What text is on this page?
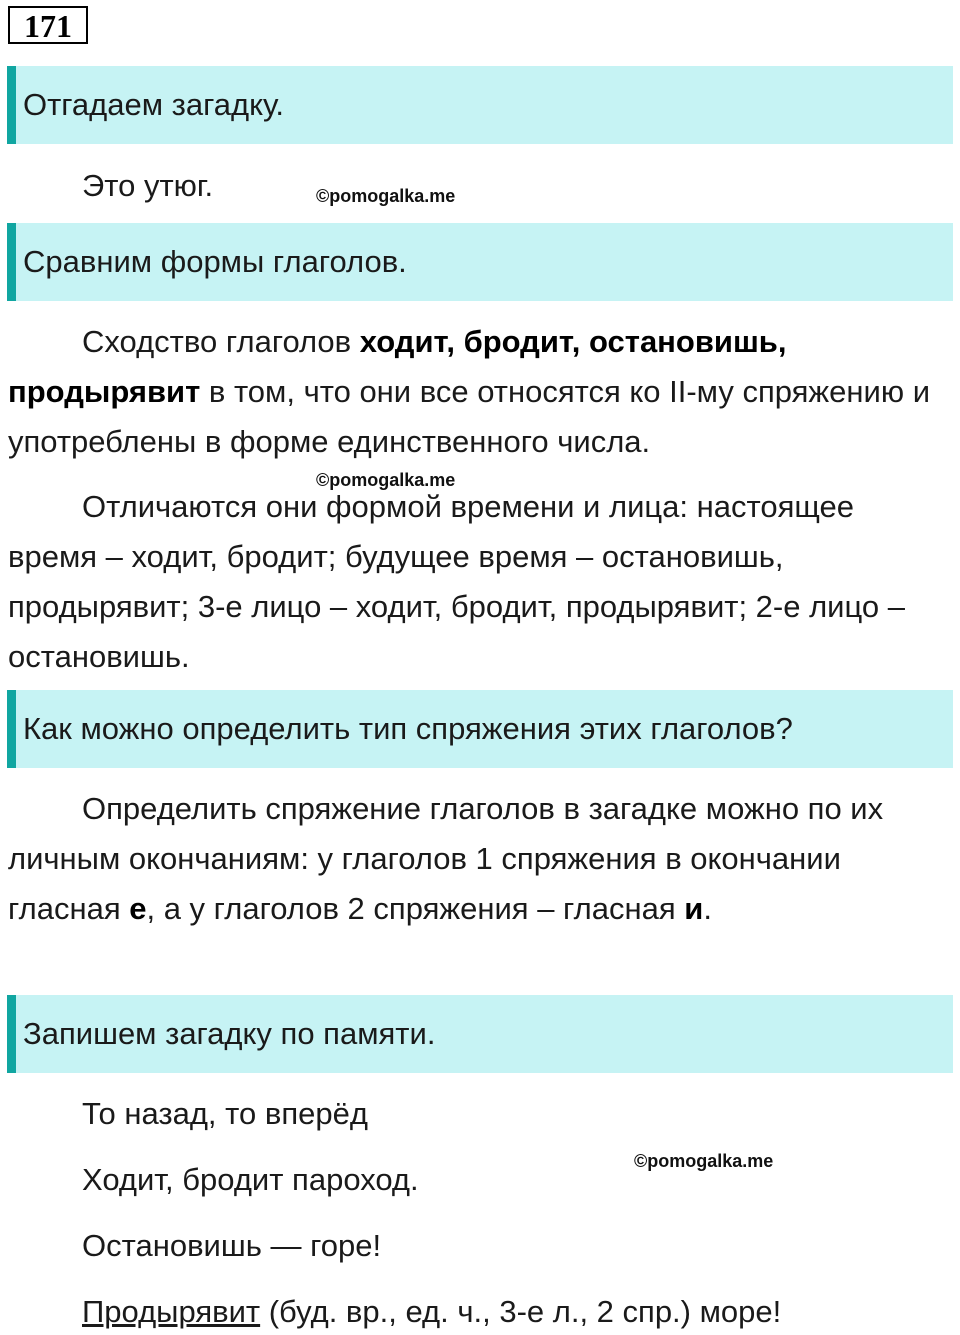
171
Отгадаем загадку.
Это утюг.	©pomogalka.me
Сравним формы глаголов.
Сходство глаголов ходит, бродит, остановишь, продырявит в том, что они все относятся ко II-му спряжению и употреблены в форме единственного числа.
©pomogalka.me
Отличаются они формой времени и лица: настоящее время – ходит, бродит; будущее время – остановишь, продырявит; 3-е лицо – ходит, бродит, продырявит; 2-е лицо – остановишь.
Как можно определить тип спряжения этих глаголов?
Определить спряжение глаголов в загадке можно по их личным окончаниям: у глаголов 1 спряжения в окончании гласная е, а у глаголов 2 спряжения – гласная и.
Запишем загадку по памяти.
То назад, то вперёд
©pomogalka.me
Ходит, бродит пароход.
Остановишь — горе!
Продырявит (буд. вр., ед. ч., 3-е л., 2 спр.) море!
